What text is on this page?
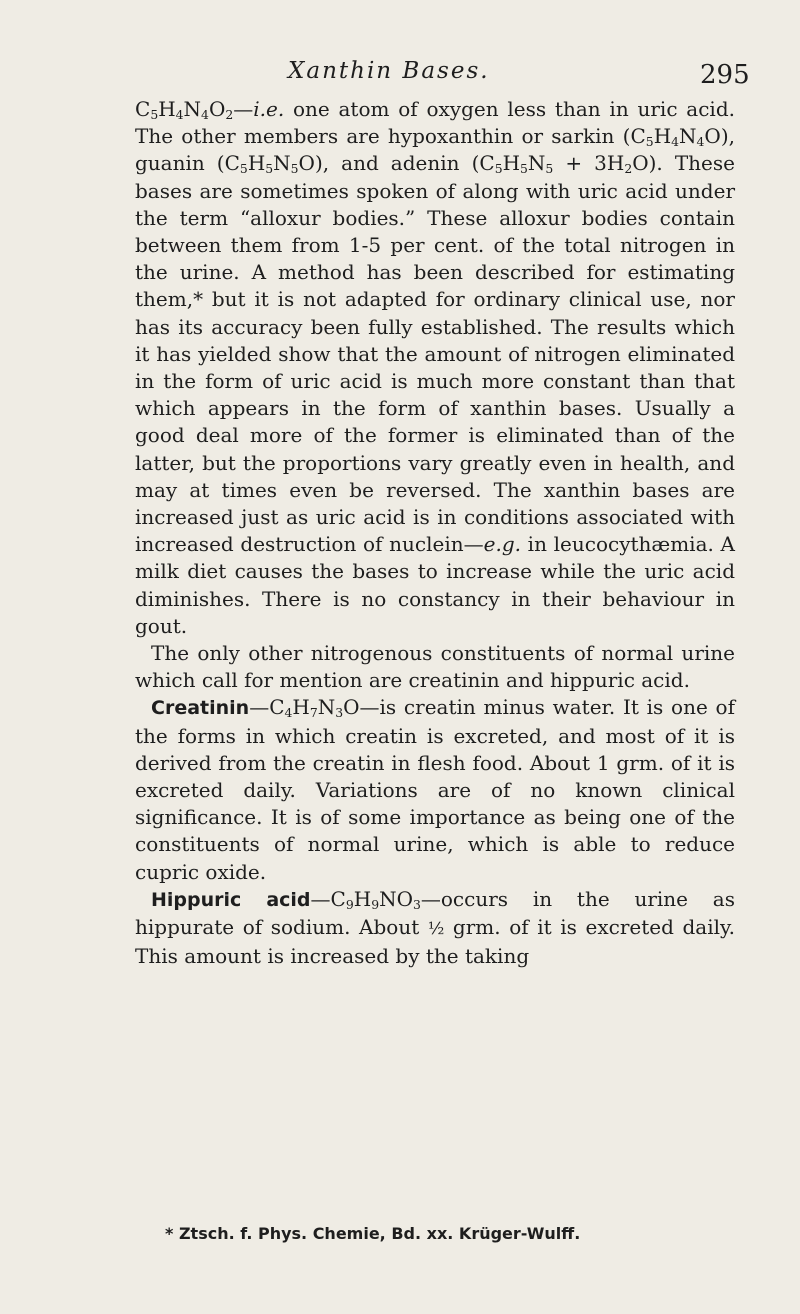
Xanthin Bases.	295

$C_5H_4N_4O_2—i.e$. one atom of oxygen less than in uric acid. The other members are hypoxanthin or sarkin $(C_5H_4N_4O)$, guanin $(C_5H_5N_5O)$, and adenin $(C_5H_5N_5 + 3H_2O)$. These bases are sometimes spoken of along with uric acid under the term “alloxur bodies.” These alloxur bodies contain between them from 1-5 per cent. of the total nitrogen in the urine. A method has been described for estimating them,* but it is not adapted for ordinary clinical use, nor has its accuracy been fully established. The results which it has yielded show that the amount of nitrogen eliminated in the form of uric acid is much more constant than that which appears in the form of xanthin bases. Usually a good deal more of the former is eliminated than of the latter, but the proportions vary greatly even in health, and may at times even be reversed. The xanthin bases are increased just as uric acid is in conditions associated with increased destruction of nuclein—e.g. in leucocythæmia. A milk diet causes the bases to increase while the uric acid diminishes. There is no constancy in their behaviour in gout.

The only other nitrogenous constituents of normal urine which call for mention are creatinin and hippuric acid.

$Creatinin—C_4H_7N_3O—is$ creatin minus water. It is one of the forms in which creatin is excreted, and most of it is derived from the creatin in flesh food. About 1 grm. of it is excreted daily. Variations are of no known clinical significance. It is of some importance as being one of the constituents of normal urine, which is able to reduce cupric oxide.

Hippuric $acid—C_9H_9NO_3—occurs$ in the urine as hippurate of sodium. About ½ grm. of it is excreted daily. This amount is increased by the taking

* Ztsch. f. Phys. Chemie, Bd. xx. Krüger-Wulff.
